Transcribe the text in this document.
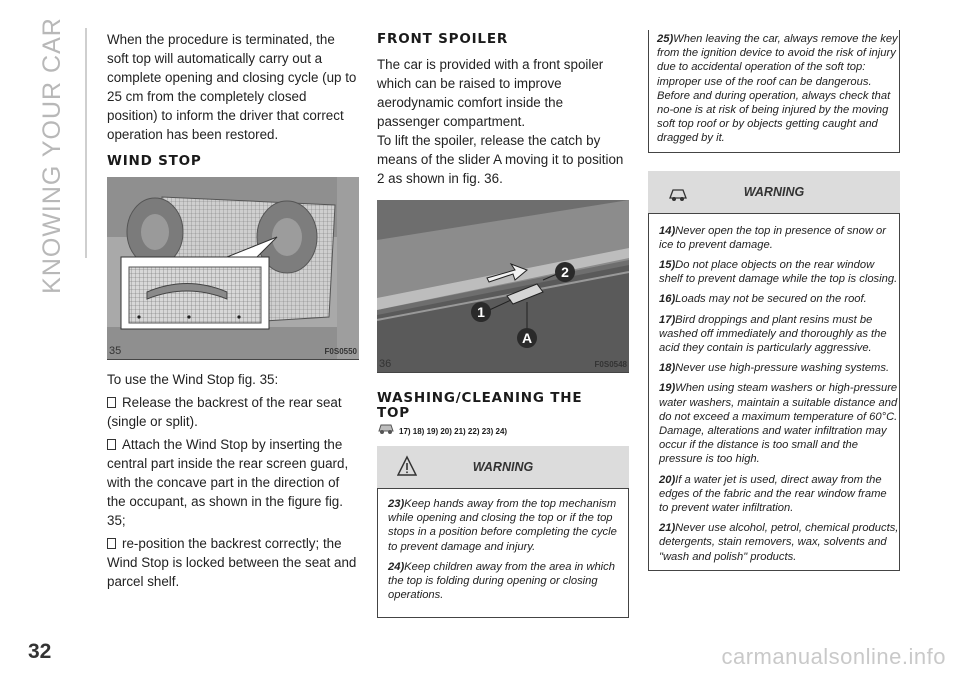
KNOWING YOUR CAR
32	carmanualsonline.info

When the procedure is terminated, the soft top will automatically carry out a complete opening and closing cycle (up to 25 cm from the completely closed position) to inform the driver that correct operation has been restored.

WIND STOP
35	F0S0550

To use the Wind Stop fig. 35:

Release the backrest of the rear seat (single or split).

Attach the Wind Stop by inserting the central part inside the rear screen guard, with the concave part in the direction of the occupant, as shown in the figure fig. 35;

re-position the backrest correctly; the Wind Stop is locked between the seat and parcel shelf.

FRONT SPOILER

The car is provided with a front spoiler which can be raised to improve aerodynamic comfort inside the passenger compartment.

To lift the spoiler, release the catch by means of the slider A moving it to position 2 as shown in fig. 36.

1
2
A
36	F0S0548
WASHING/CLEANING THE
TOP
17) 18) 19) 20) 21) 22) 23) 24)
WARNING

23)Keep hands away from the top mechanism while opening and closing the top or if the top stops in a position before completing the cycle to prevent damage and injury.

24)Keep children away from the area in which the top is folding during opening or closing operations.

25)When leaving the car, always remove the key from the ignition device to avoid the risk of injury due to accidental operation of the soft top: improper use of the roof can be dangerous. Before and during operation, always check that no-one is at risk of being injured by the moving soft top roof or by objects getting caught and dragged by it.

WARNING

14)Never open the top in presence of snow or ice to prevent damage.

15)Do not place objects on the rear window shelf to prevent damage while the top is closing.

16)Loads may not be secured on the roof.

17)Bird droppings and plant resins must be washed off immediately and thoroughly as the acid they contain is particularly aggressive.

18)Never use high-pressure washing systems.

19)When using steam washers or high-pressure water washers, maintain a suitable distance and do not exceed a maximum temperature of 60°C. Damage, alterations and water infiltration may occur if the distance is too small and the pressure is too high.

20)If a water jet is used, direct away from the edges of the fabric and the rear window frame to prevent water infiltration.

21)Never use alcohol, petrol, chemical products, detergents, stain removers, wax, solvents and "wash and polish" products.
